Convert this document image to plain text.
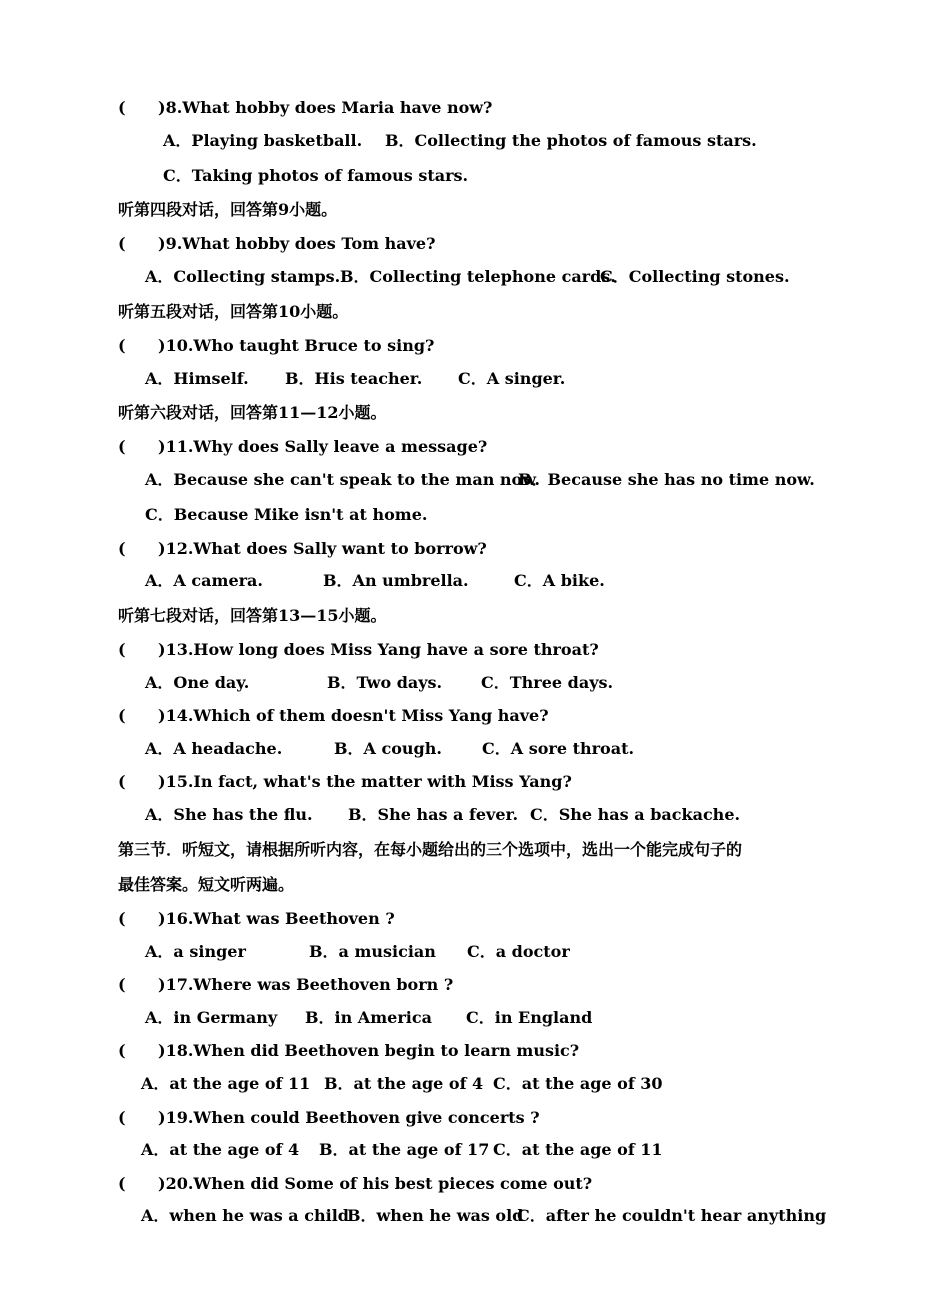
( )8.What hobby does Maria have now?
A．Playing basketball. B．Collecting the photos of famous stars.
C．Taking photos of famous stars.
听第四段对话，回答第9小题。
( )9.What hobby does Tom have?
A．Collecting stamps. B．Collecting telephone cards.
C．Collecting stones.
听第五段对话，回答第10小题。
( )10.Who taught Bruce to sing?
A．Himself. B．His teacher. C．A singer.
听第六段对话，回答第11—12小题。
( )11.Why does Sally leave a message?
A．Because she can't speak to the man now.
B．Because she has no time now.
C．Because Mike isn't at home.
( )12.What does Sally want to borrow?
A．A camera.	B．An umbrella.	C．A bike.
听第七段对话，回答第13—15小题。
( )13.How long does Miss Yang have a sore throat?
A．One day.	B．Two days. C．Three days.
( )14.Which of them doesn't Miss Yang have?
A．A headache.	B．A cough.	C．A sore throat.
( )15.In fact, what's the matter with Miss Yang?
A．She has the flu. B．She has a fever. C．She has a backache.
第三节．听短文，请根据所听内容，在每小题给出的三个选项中，选出一个能完成句子的
最佳答案。短文听两遍。
( )16.What was Beethoven ?
A．a singer	B．a musician C．a doctor
( )17.Where was Beethoven born ?
A．in Germany B．in America C．in England
( )18.When did Beethoven begin to learn music?
A．at the age of 11 B．at the age of 4 C．at the age of 30
( )19.When could Beethoven give concerts ?
A．at the age of 4 B．at the age of 17 C．at the age of 11
( )20.When did Some of his best pieces come out?
A．when he was a child
B．when he was old
C．after he couldn't hear anything
